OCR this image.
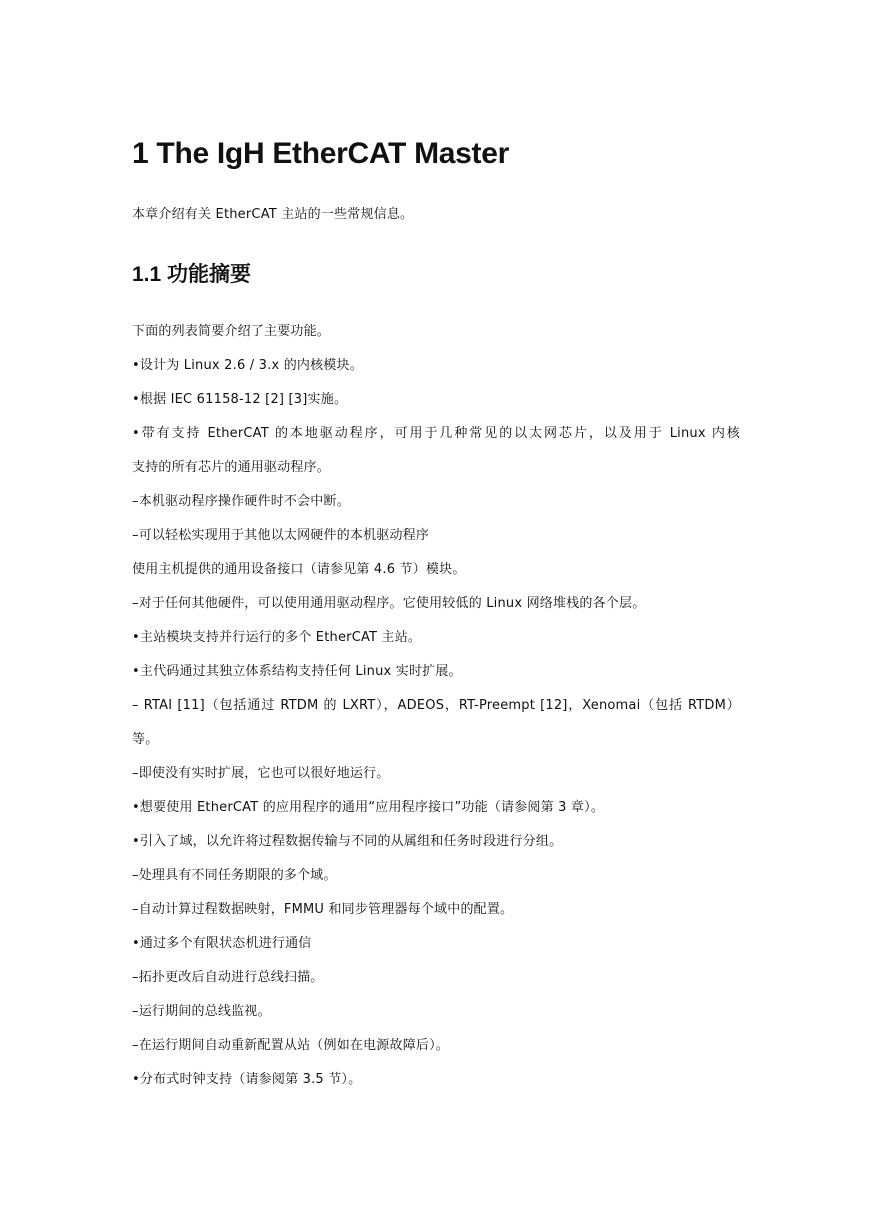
1 The IgH EtherCAT Master
本章介绍有关 EtherCAT 主站的一些常规信息。
1.1 功能摘要
下面的列表简要介绍了主要功能。
•设计为 Linux 2.6 / 3.x 的内核模块。
•根据 IEC 61158-12 [2] [3]实施。
•带有支持 EtherCAT 的本地驱动程序，可用于几种常见的以太网芯片，以及用于 Linux 内核
支持的所有芯片的通用驱动程序。
–本机驱动程序操作硬件时不会中断。
–可以轻松实现用于其他以太网硬件的本机驱动程序
使用主机提供的通用设备接口（请参见第 4.6 节）模块。
–对于任何其他硬件，可以使用通用驱动程序。它使用较低的 Linux 网络堆栈的各个层。
•主站模块支持并行运行的多个 EtherCAT 主站。
•主代码通过其独立体系结构支持任何 Linux 实时扩展。
– RTAI [11]（包括通过 RTDM 的 LXRT），ADEOS，RT-Preempt [12]，Xenomai（包括 RTDM）
等。
–即使没有实时扩展，它也可以很好地运行。
•想要使用 EtherCAT 的应用程序的通用“应用程序接口”功能（请参阅第 3 章）。
•引入了域，以允许将过程数据传输与不同的从属组和任务时段进行分组。
–处理具有不同任务期限的多个域。
–自动计算过程数据映射，FMMU 和同步管理器每个域中的配置。
•通过多个有限状态机进行通信
–拓扑更改后自动进行总线扫描。
–运行期间的总线监视。
–在运行期间自动重新配置从站（例如在电源故障后）。
•分布式时钟支持（请参阅第 3.5 节）。
